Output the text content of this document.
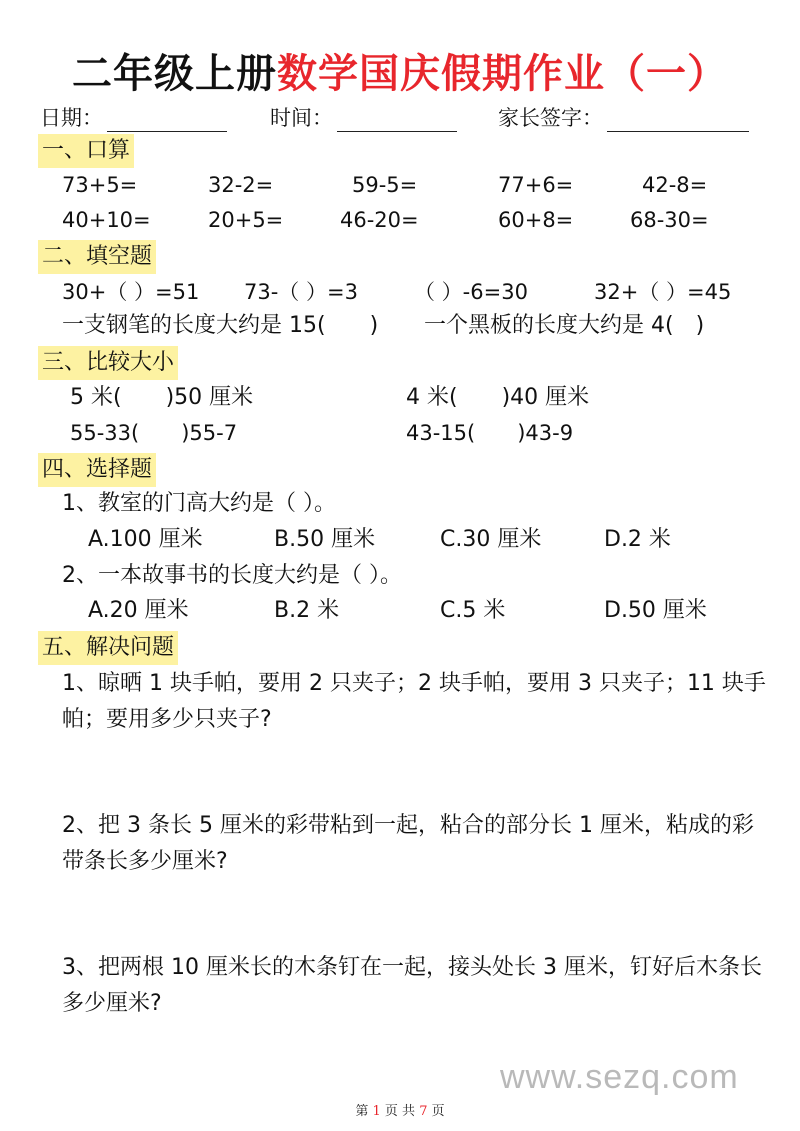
二年级上册数学国庆假期作业（一）
日期：	时间：	家长签字：
一、口算
73+5=	32-2=	59-5=	77+6=	42-8=
40+10=	20+5=	46-20=	60+8=	68-30=
二、填空题
30+（ ）=51 73-（ ）=3	（ ）-6=30	32+（ ）=45
一支钢笔的长度大约是 15(　　) 一个黑板的长度大约是 4(　)
三、比较大小
5 米(　　)50 厘米	4 米(　　)40 厘米
55-33(　　)55-7	43-15(　　)43-9
四、选择题
1、教室的门高大约是（ ）。
A.100 厘米	B.50 厘米	C.30 厘米	D.2 米
2、一本故事书的长度大约是（ ）。
A.20 厘米	B.2 米	C.5 米	D.50 厘米
五、解决问题
1、晾晒 1 块手帕，要用 2 只夹子；2 块手帕，要用 3 只夹子；11 块手帕；要用多少只夹子?
2、把 3 条长 5 厘米的彩带粘到一起，粘合的部分长 1 厘米，粘成的彩带条长多少厘米?
3、把两根 10 厘米长的木条钉在一起，接头处长 3 厘米，钉好后木条长多少厘米?
www.sezq.com
第 1 页 共 7 页
